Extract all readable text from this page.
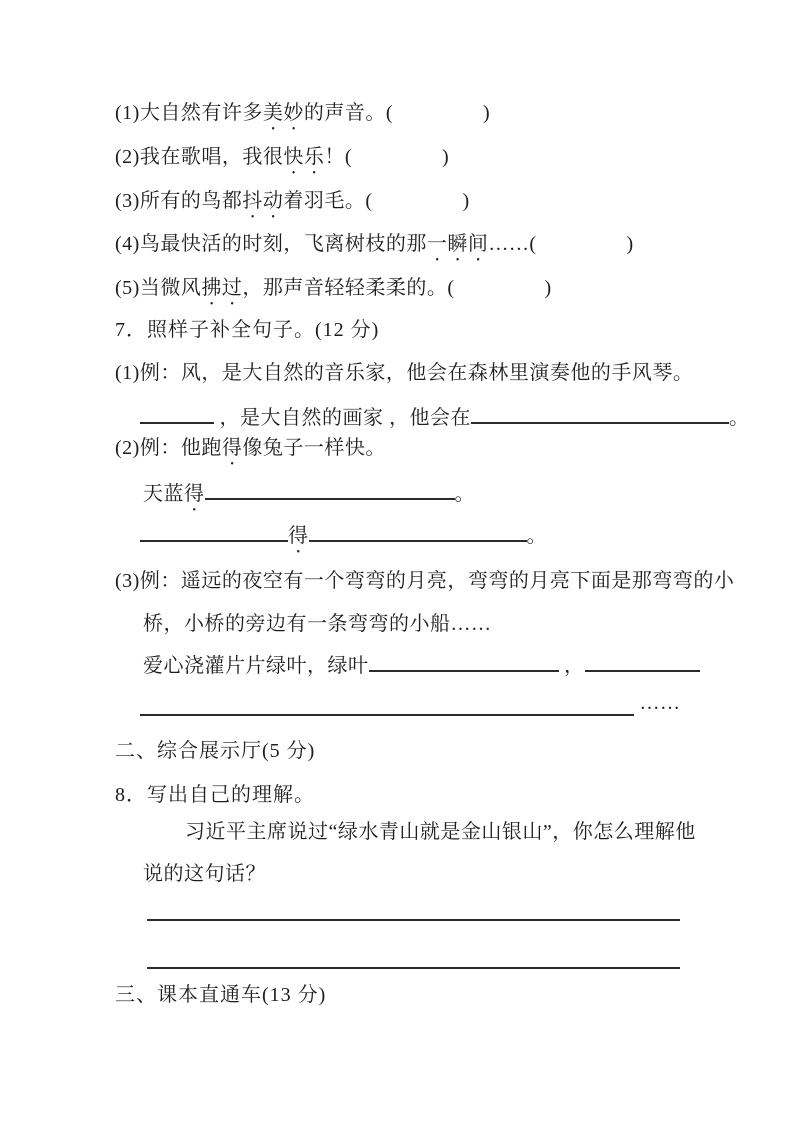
(1)大自然有许多美妙的声音。(	)
(2)我在歌唱，我很快乐！(	)
(3)所有的鸟都抖动着羽毛。(	)
(4)鸟最快活的时刻，飞离树枝的那一瞬间……(	)
(5)当微风拂过，那声音轻轻柔柔的。(	)
7．照样子补全句子。(12 分)
(1)例：风，是大自然的音乐家，他会在森林里演奏他的手风琴。
，是大自然的画家 ，他会在	。
(2)例：他跑得像兔子一样快。
天蓝得	。
得	。
(3)例：遥远的夜空有一个弯弯的月亮，弯弯的月亮下面是那弯弯的小
桥，小桥的旁边有一条弯弯的小船……
爱心浇灌片片绿叶，绿叶	，
……
二、综合展示厅(5 分)
8．写出自己的理解。
习近平主席说过“绿水青山就是金山银山”，你怎么理解他
说的这句话？
三、课本直通车(13 分)
